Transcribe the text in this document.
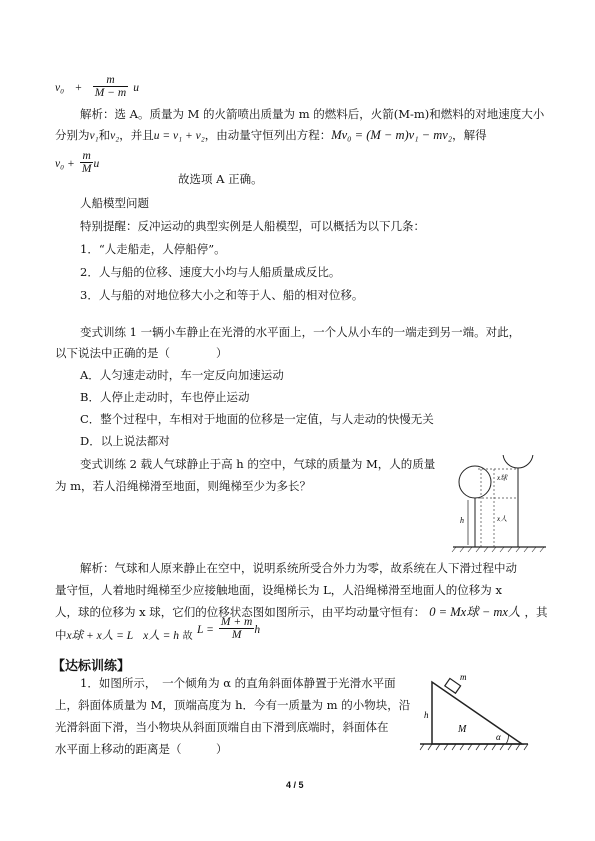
$v_0 + \frac{m}{M - m}$ u
解析：选 A。质量为 M 的火箭喷出质量为 m 的燃料后，火箭(M-m)和燃料的对地速度大小
分别为v₁和v₂，并且u = v₁ + v₂，由动量守恒列出方程：Mv₀ = (M − m)v₁ − mv₂，解得
$v_0 + \frac{m}{M}$ u
故选项 A 正确。
人船模型问题
特别提醒：反冲运动的典型实例是人船模型，可以概括为以下几条：
1．“人走船走，人停船停”。
2．人与船的位移、速度大小均与人船质量成反比。
3．人与船的对地位移大小之和等于人、船的相对位移。
变式训练 1 一辆小车静止在光滑的水平面上，一个人从小车的一端走到另一端。对此，
以下说法中正确的是（　　　　）
A．人匀速走动时，车一定反向加速运动
B．人停止走动时，车也停止运动
C．整个过程中，车相对于地面的位移是一定值，与人走动的快慢无关
D．以上说法都对
变式训练 2 载人气球静止于高 h 的空中，气球的质量为 M，人的质量
为 m，若人沿绳梯滑至地面，则绳梯至少为多长？
x球
h	x人
解析：气球和人原来静止在空中，说明系统所受合外力为零，故系统在人下滑过程中动
量守恒，人着地时绳梯至少应接触地面，设绳梯长为 L，人沿绳梯滑至地面人的位移为 x
人，球的位移为 x 球，它们的位移状态图如图所示，由平均动量守恒有： 0 = Mx球 − mx人 ，其
中x球 + x人 = L x人 = h 故
$L = \frac{M + m}{M}$ h
【达标训练】
1．如图所示，　一个倾角为 α 的直角斜面体静置于光滑水平面
上，斜面体质量为 M，顶端高度为 h．今有一质量为 m 的小物块，沿
光滑斜面下滑，当小物块从斜面顶端自由下滑到底端时，斜面体在
水平面上移动的距离是（　　　）
m
h
M
α
4 / 5
